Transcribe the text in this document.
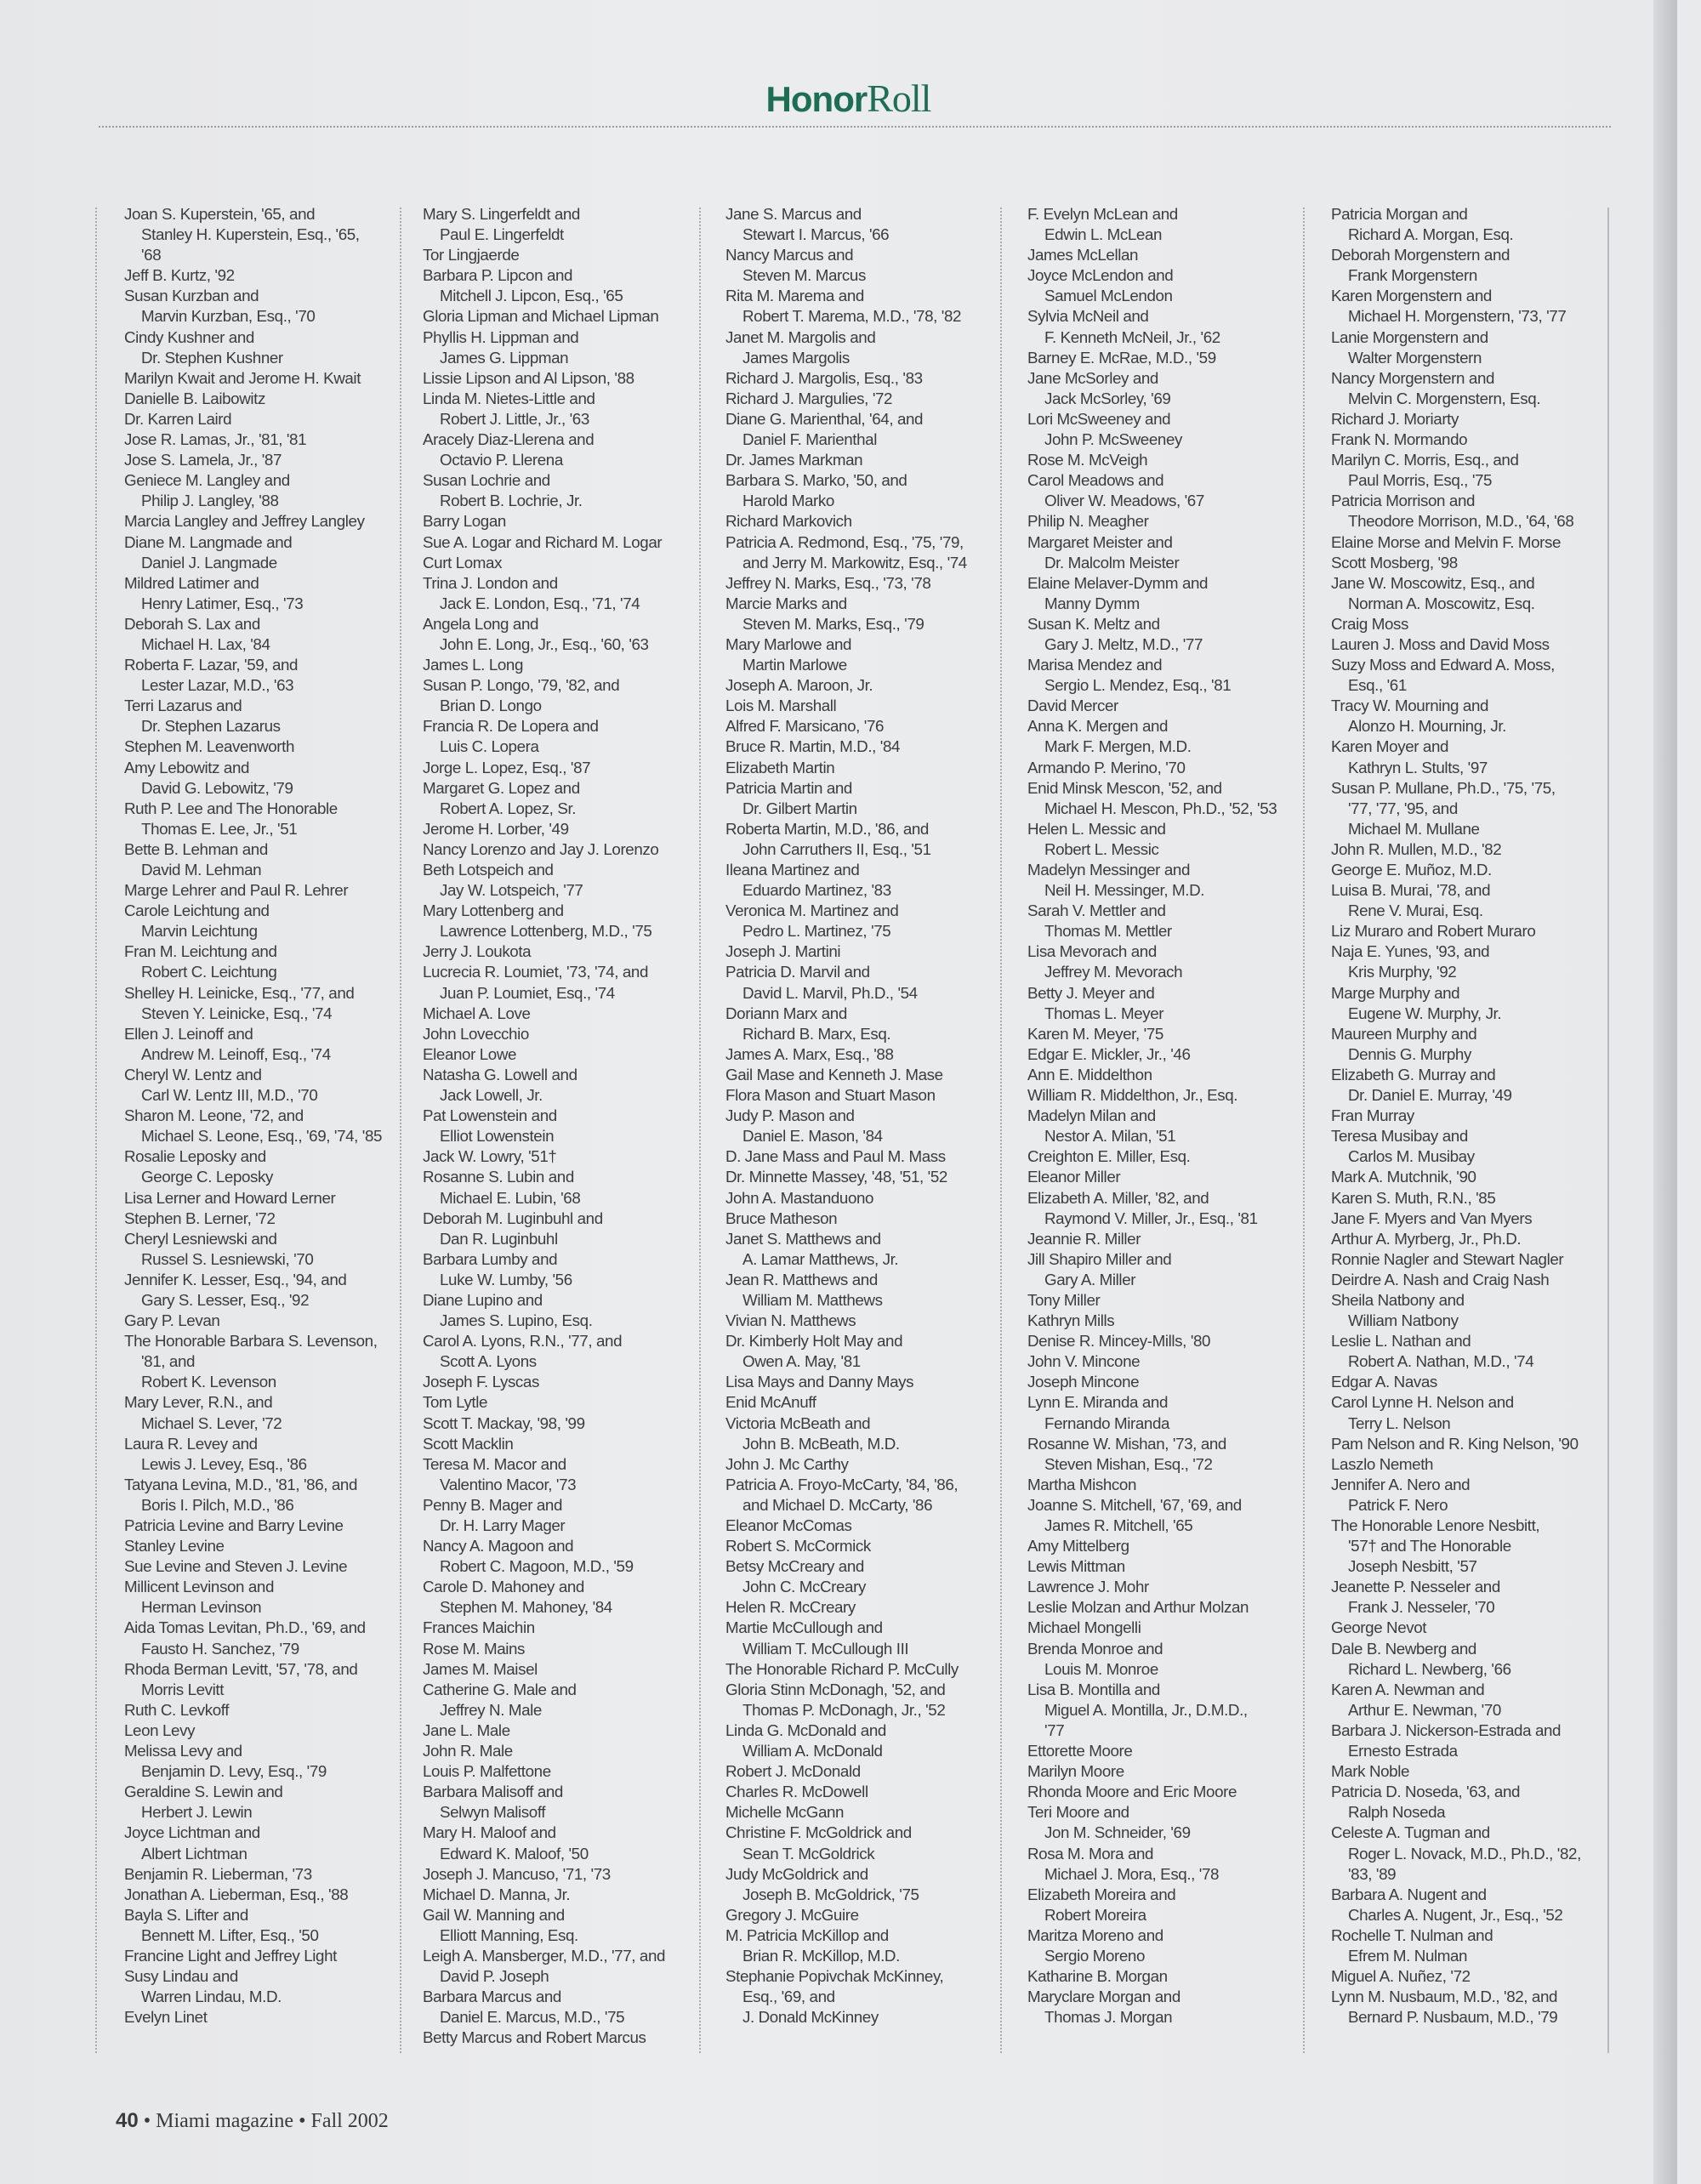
HonorRoll
Joan S. Kuperstein, '65, and
Stanley H. Kuperstein, Esq., '65,
'68
Jeff B. Kurtz, '92
Susan Kurzban and
Marvin Kurzban, Esq., '70
Cindy Kushner and
Dr. Stephen Kushner
Marilyn Kwait and Jerome H. Kwait
Danielle B. Laibowitz
Dr. Karren Laird
Jose R. Lamas, Jr., '81, '81
Jose S. Lamela, Jr., '87
Geniece M. Langley and
Philip J. Langley, '88
Marcia Langley and Jeffrey Langley
Diane M. Langmade and
Daniel J. Langmade
Mildred Latimer and
Henry Latimer, Esq., '73
Deborah S. Lax and
Michael H. Lax, '84
Roberta F. Lazar, '59, and
Lester Lazar, M.D., '63
Terri Lazarus and
Dr. Stephen Lazarus
Stephen M. Leavenworth
Amy Lebowitz and
David G. Lebowitz, '79
Ruth P. Lee and The Honorable
Thomas E. Lee, Jr., '51
Bette B. Lehman and
David M. Lehman
Marge Lehrer and Paul R. Lehrer
Carole Leichtung and
Marvin Leichtung
Fran M. Leichtung and
Robert C. Leichtung
Shelley H. Leinicke, Esq., '77, and
Steven Y. Leinicke, Esq., '74
Ellen J. Leinoff and
Andrew M. Leinoff, Esq., '74
Cheryl W. Lentz and
Carl W. Lentz III, M.D., '70
Sharon M. Leone, '72, and
Michael S. Leone, Esq., '69, '74, '85
Rosalie Leposky and
George C. Leposky
Lisa Lerner and Howard Lerner
Stephen B. Lerner, '72
Cheryl Lesniewski and
Russel S. Lesniewski, '70
Jennifer K. Lesser, Esq., '94, and
Gary S. Lesser, Esq., '92
Gary P. Levan
The Honorable Barbara S. Levenson,
'81, and
Robert K. Levenson
Mary Lever, R.N., and
Michael S. Lever, '72
Laura R. Levey and
Lewis J. Levey, Esq., '86
Tatyana Levina, M.D., '81, '86, and
Boris I. Pilch, M.D., '86
Patricia Levine and Barry Levine
Stanley Levine
Sue Levine and Steven J. Levine
Millicent Levinson and
Herman Levinson
Aida Tomas Levitan, Ph.D., '69, and
Fausto H. Sanchez, '79
Rhoda Berman Levitt, '57, '78, and
Morris Levitt
Ruth C. Levkoff
Leon Levy
Melissa Levy and
Benjamin D. Levy, Esq., '79
Geraldine S. Lewin and
Herbert J. Lewin
Joyce Lichtman and
Albert Lichtman
Benjamin R. Lieberman, '73
Jonathan A. Lieberman, Esq., '88
Bayla S. Lifter and
Bennett M. Lifter, Esq., '50
Francine Light and Jeffrey Light
Susy Lindau and
Warren Lindau, M.D.
Evelyn Linet
Mary S. Lingerfeldt and
Paul E. Lingerfeldt
Tor Lingjaerde
Barbara P. Lipcon and
Mitchell J. Lipcon, Esq., '65
Gloria Lipman and Michael Lipman
Phyllis H. Lippman and
James G. Lippman
Lissie Lipson and Al Lipson, '88
Linda M. Nietes-Little and
Robert J. Little, Jr., '63
Aracely Diaz-Llerena and
Octavio P. Llerena
Susan Lochrie and
Robert B. Lochrie, Jr.
Barry Logan
Sue A. Logar and Richard M. Logar
Curt Lomax
Trina J. London and
Jack E. London, Esq., '71, '74
Angela Long and
John E. Long, Jr., Esq., '60, '63
James L. Long
Susan P. Longo, '79, '82, and
Brian D. Longo
Francia R. De Lopera and
Luis C. Lopera
Jorge L. Lopez, Esq., '87
Margaret G. Lopez and
Robert A. Lopez, Sr.
Jerome H. Lorber, '49
Nancy Lorenzo and Jay J. Lorenzo
Beth Lotspeich and
Jay W. Lotspeich, '77
Mary Lottenberg and
Lawrence Lottenberg, M.D., '75
Jerry J. Loukota
Lucrecia R. Loumiet, '73, '74, and
Juan P. Loumiet, Esq., '74
Michael A. Love
John Lovecchio
Eleanor Lowe
Natasha G. Lowell and
Jack Lowell, Jr.
Pat Lowenstein and
Elliot Lowenstein
Jack W. Lowry, '51†
Rosanne S. Lubin and
Michael E. Lubin, '68
Deborah M. Luginbuhl and
Dan R. Luginbuhl
Barbara Lumby and
Luke W. Lumby, '56
Diane Lupino and
James S. Lupino, Esq.
Carol A. Lyons, R.N., '77, and
Scott A. Lyons
Joseph F. Lyscas
Tom Lytle
Scott T. Mackay, '98, '99
Scott Macklin
Teresa M. Macor and
Valentino Macor, '73
Penny B. Mager and
Dr. H. Larry Mager
Nancy A. Magoon and
Robert C. Magoon, M.D., '59
Carole D. Mahoney and
Stephen M. Mahoney, '84
Frances Maichin
Rose M. Mains
James M. Maisel
Catherine G. Male and
Jeffrey N. Male
Jane L. Male
John R. Male
Louis P. Malfettone
Barbara Malisoff and
Selwyn Malisoff
Mary H. Maloof and
Edward K. Maloof, '50
Joseph J. Mancuso, '71, '73
Michael D. Manna, Jr.
Gail W. Manning and
Elliott Manning, Esq.
Leigh A. Mansberger, M.D., '77, and
David P. Joseph
Barbara Marcus and
Daniel E. Marcus, M.D., '75
Betty Marcus and Robert Marcus
Jane S. Marcus and
Stewart I. Marcus, '66
Nancy Marcus and
Steven M. Marcus
Rita M. Marema and
Robert T. Marema, M.D., '78, '82
Janet M. Margolis and
James Margolis
Richard J. Margolis, Esq., '83
Richard J. Margulies, '72
Diane G. Marienthal, '64, and
Daniel F. Marienthal
Dr. James Markman
Barbara S. Marko, '50, and
Harold Marko
Richard Markovich
Patricia A. Redmond, Esq., '75, '79,
and Jerry M. Markowitz, Esq., '74
Jeffrey N. Marks, Esq., '73, '78
Marcie Marks and
Steven M. Marks, Esq., '79
Mary Marlowe and
Martin Marlowe
Joseph A. Maroon, Jr.
Lois M. Marshall
Alfred F. Marsicano, '76
Bruce R. Martin, M.D., '84
Elizabeth Martin
Patricia Martin and
Dr. Gilbert Martin
Roberta Martin, M.D., '86, and
John Carruthers II, Esq., '51
Ileana Martinez and
Eduardo Martinez, '83
Veronica M. Martinez and
Pedro L. Martinez, '75
Joseph J. Martini
Patricia D. Marvil and
David L. Marvil, Ph.D., '54
Doriann Marx and
Richard B. Marx, Esq.
James A. Marx, Esq., '88
Gail Mase and Kenneth J. Mase
Flora Mason and Stuart Mason
Judy P. Mason and
Daniel E. Mason, '84
D. Jane Mass and Paul M. Mass
Dr. Minnette Massey, '48, '51, '52
John A. Mastanduono
Bruce Matheson
Janet S. Matthews and
A. Lamar Matthews, Jr.
Jean R. Matthews and
William M. Matthews
Vivian N. Matthews
Dr. Kimberly Holt May and
Owen A. May, '81
Lisa Mays and Danny Mays
Enid McAnuff
Victoria McBeath and
John B. McBeath, M.D.
John J. Mc Carthy
Patricia A. Froyo-McCarty, '84, '86,
and Michael D. McCarty, '86
Eleanor McComas
Robert S. McCormick
Betsy McCreary and
John C. McCreary
Helen R. McCreary
Martie McCullough and
William T. McCullough III
The Honorable Richard P. McCully
Gloria Stinn McDonagh, '52, and
Thomas P. McDonagh, Jr., '52
Linda G. McDonald and
William A. McDonald
Robert J. McDonald
Charles R. McDowell
Michelle McGann
Christine F. McGoldrick and
Sean T. McGoldrick
Judy McGoldrick and
Joseph B. McGoldrick, '75
Gregory J. McGuire
M. Patricia McKillop and
Brian R. McKillop, M.D.
Stephanie Popivchak McKinney,
Esq., '69, and
J. Donald McKinney
F. Evelyn McLean and
Edwin L. McLean
James McLellan
Joyce McLendon and
Samuel McLendon
Sylvia McNeil and
F. Kenneth McNeil, Jr., '62
Barney E. McRae, M.D., '59
Jane McSorley and
Jack McSorley, '69
Lori McSweeney and
John P. McSweeney
Rose M. McVeigh
Carol Meadows and
Oliver W. Meadows, '67
Philip N. Meagher
Margaret Meister and
Dr. Malcolm Meister
Elaine Melaver-Dymm and
Manny Dymm
Susan K. Meltz and
Gary J. Meltz, M.D., '77
Marisa Mendez and
Sergio L. Mendez, Esq., '81
David Mercer
Anna K. Mergen and
Mark F. Mergen, M.D.
Armando P. Merino, '70
Enid Minsk Mescon, '52, and
Michael H. Mescon, Ph.D., '52, '53
Helen L. Messic and
Robert L. Messic
Madelyn Messinger and
Neil H. Messinger, M.D.
Sarah V. Mettler and
Thomas M. Mettler
Lisa Mevorach and
Jeffrey M. Mevorach
Betty J. Meyer and
Thomas L. Meyer
Karen M. Meyer, '75
Edgar E. Mickler, Jr., '46
Ann E. Middelthon
William R. Middelthon, Jr., Esq.
Madelyn Milan and
Nestor A. Milan, '51
Creighton E. Miller, Esq.
Eleanor Miller
Elizabeth A. Miller, '82, and
Raymond V. Miller, Jr., Esq., '81
Jeannie R. Miller
Jill Shapiro Miller and
Gary A. Miller
Tony Miller
Kathryn Mills
Denise R. Mincey-Mills, '80
John V. Mincone
Joseph Mincone
Lynn E. Miranda and
Fernando Miranda
Rosanne W. Mishan, '73, and
Steven Mishan, Esq., '72
Martha Mishcon
Joanne S. Mitchell, '67, '69, and
James R. Mitchell, '65
Amy Mittelberg
Lewis Mittman
Lawrence J. Mohr
Leslie Molzan and Arthur Molzan
Michael Mongelli
Brenda Monroe and
Louis M. Monroe
Lisa B. Montilla and
Miguel A. Montilla, Jr., D.M.D.,
'77
Ettorette Moore
Marilyn Moore
Rhonda Moore and Eric Moore
Teri Moore and
Jon M. Schneider, '69
Rosa M. Mora and
Michael J. Mora, Esq., '78
Elizabeth Moreira and
Robert Moreira
Maritza Moreno and
Sergio Moreno
Katharine B. Morgan
Maryclare Morgan and
Thomas J. Morgan
Patricia Morgan and
Richard A. Morgan, Esq.
Deborah Morgenstern and
Frank Morgenstern
Karen Morgenstern and
Michael H. Morgenstern, '73, '77
Lanie Morgenstern and
Walter Morgenstern
Nancy Morgenstern and
Melvin C. Morgenstern, Esq.
Richard J. Moriarty
Frank N. Mormando
Marilyn C. Morris, Esq., and
Paul Morris, Esq., '75
Patricia Morrison and
Theodore Morrison, M.D., '64, '68
Elaine Morse and Melvin F. Morse
Scott Mosberg, '98
Jane W. Moscowitz, Esq., and
Norman A. Moscowitz, Esq.
Craig Moss
Lauren J. Moss and David Moss
Suzy Moss and Edward A. Moss,
Esq., '61
Tracy W. Mourning and
Alonzo H. Mourning, Jr.
Karen Moyer and
Kathryn L. Stults, '97
Susan P. Mullane, Ph.D., '75, '75,
'77, '77, '95, and
Michael M. Mullane
John R. Mullen, M.D., '82
George E. Muñoz, M.D.
Luisa B. Murai, '78, and
Rene V. Murai, Esq.
Liz Muraro and Robert Muraro
Naja E. Yunes, '93, and
Kris Murphy, '92
Marge Murphy and
Eugene W. Murphy, Jr.
Maureen Murphy and
Dennis G. Murphy
Elizabeth G. Murray and
Dr. Daniel E. Murray, '49
Fran Murray
Teresa Musibay and
Carlos M. Musibay
Mark A. Mutchnik, '90
Karen S. Muth, R.N., '85
Jane F. Myers and Van Myers
Arthur A. Myrberg, Jr., Ph.D.
Ronnie Nagler and Stewart Nagler
Deirdre A. Nash and Craig Nash
Sheila Natbony and
William Natbony
Leslie L. Nathan and
Robert A. Nathan, M.D., '74
Edgar A. Navas
Carol Lynne H. Nelson and
Terry L. Nelson
Pam Nelson and R. King Nelson, '90
Laszlo Nemeth
Jennifer A. Nero and
Patrick F. Nero
The Honorable Lenore Nesbitt,
'57† and The Honorable
Joseph Nesbitt, '57
Jeanette P. Nesseler and
Frank J. Nesseler, '70
George Nevot
Dale B. Newberg and
Richard L. Newberg, '66
Karen A. Newman and
Arthur E. Newman, '70
Barbara J. Nickerson-Estrada and
Ernesto Estrada
Mark Noble
Patricia D. Noseda, '63, and
Ralph Noseda
Celeste A. Tugman and
Roger L. Novack, M.D., Ph.D., '82,
'83, '89
Barbara A. Nugent and
Charles A. Nugent, Jr., Esq., '52
Rochelle T. Nulman and
Efrem M. Nulman
Miguel A. Nuñez, '72
Lynn M. Nusbaum, M.D., '82, and
Bernard P. Nusbaum, M.D., '79
40 • Miami magazine • Fall 2002
